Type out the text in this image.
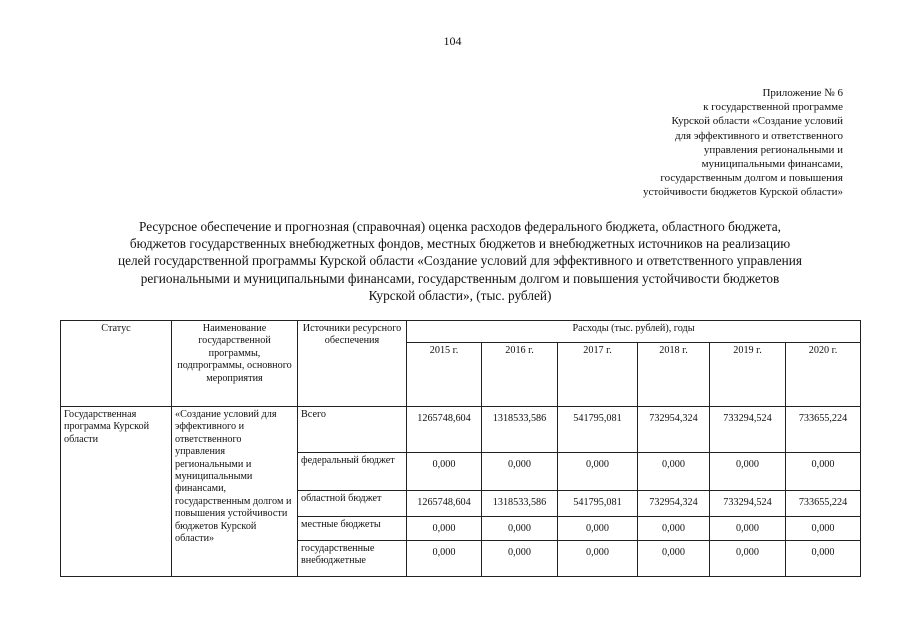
104
Приложение № 6
к государственной программе
Курской области «Создание условий
для эффективного и ответственного
управления региональными и
муниципальными финансами,
государственным долгом и повышения
устойчивости бюджетов Курской области»
Ресурсное обеспечение и прогнозная (справочная) оценка расходов федерального бюджета, областного бюджета,
бюджетов государственных внебюджетных фондов, местных бюджетов и внебюджетных источников на реализацию
целей государственной программы Курской области «Создание условий для эффективного и ответственного управления
региональными и муниципальными финансами, государственным долгом и повышения устойчивости бюджетов
Курской области», (тыс. рублей)
Статус	Наименование государственной программы, подпрограммы, основного мероприятия	Источники ресурсного обеспечения	Расходы (тыс. рублей), годы					
			2015 г.	2016 г.	2017 г.	2018 г.	2019 г.	2020 г.
Государственная программа Курской области	«Создание условий для эффективного и ответственного управления региональными и муниципальными финансами, государственным долгом и повышения устойчивости бюджетов Курской области»	Всего	1265748,604	1318533,586	541795,081	732954,324	733294,524	733655,224
		федеральный бюджет	0,000	0,000	0,000	0,000	0,000	0,000
		областной бюджет	1265748,604	1318533,586	541795,081	732954,324	733294,524	733655,224
		местные бюджеты	0,000	0,000	0,000	0,000	0,000	0,000
		государственные внебюджетные	0,000	0,000	0,000	0,000	0,000	0,000
